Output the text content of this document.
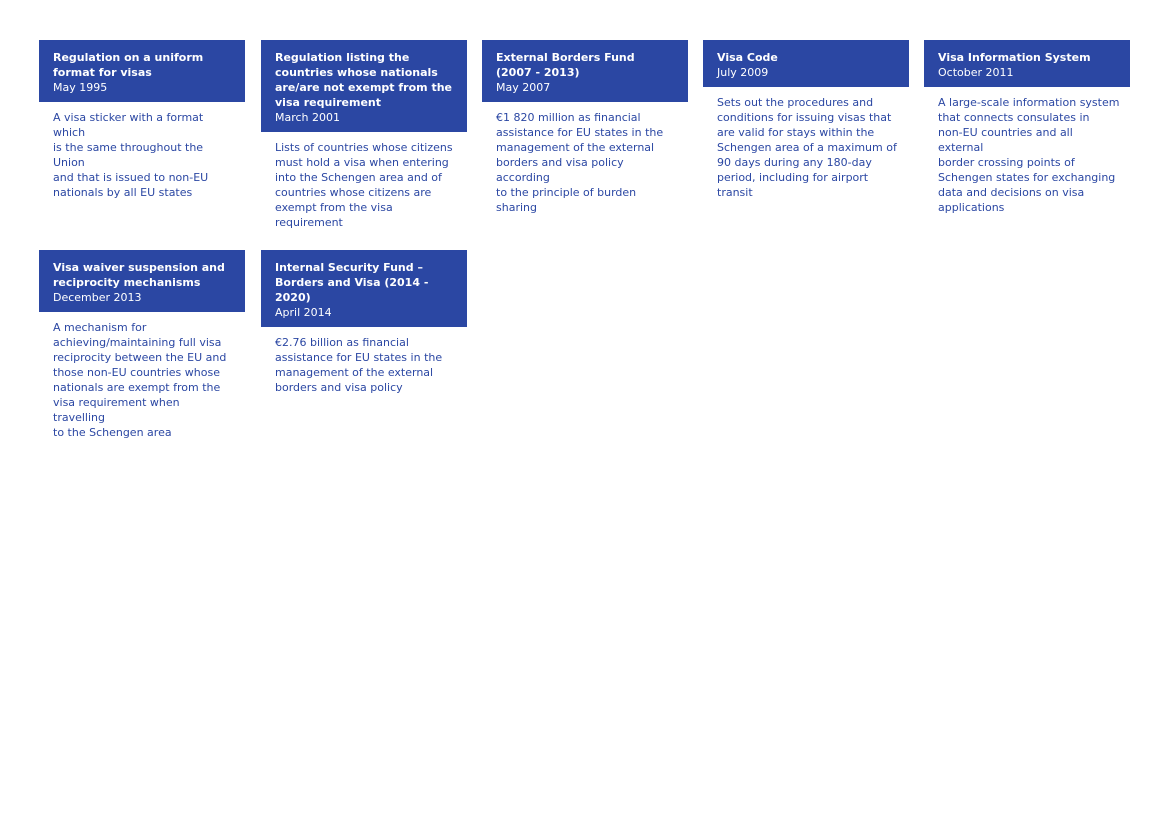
Regulation on a uniform
format for visas
May 1995
A visa sticker with a format which
is the same throughout the Union
and that is issued to non-EU
nationals by all EU states
Regulation listing the
countries whose nationals
are/are not exempt from the
visa requirement
March 2001
Lists of countries whose citizens
must hold a visa when entering
into the Schengen area and of
countries whose citizens are
exempt from the visa
requirement
External Borders Fund
(2007 - 2013)
May 2007
€1 820 million as financial
assistance for EU states in the
management of the external
borders and visa policy according
to the principle of burden sharing
Visa Code
July 2009
Sets out the procedures and
conditions for issuing visas that
are valid for stays within the
Schengen area of a maximum of
90 days during any 180-day
period, including for airport
transit
Visa Information System
October 2011
A large-scale information system
that connects consulates in
non-EU countries and all external
border crossing points of
Schengen states for exchanging
data and decisions on visa
applications
Visa waiver suspension and
reciprocity mechanisms
December 2013
A mechanism for
achieving/maintaining full visa
reciprocity between the EU and
those non-EU countries whose
nationals are exempt from the
visa requirement when travelling
to the Schengen area
Internal Security Fund –
Borders and Visa (2014 - 2020)
April 2014
€2.76 billion as financial
assistance for EU states in the
management of the external
borders and visa policy
